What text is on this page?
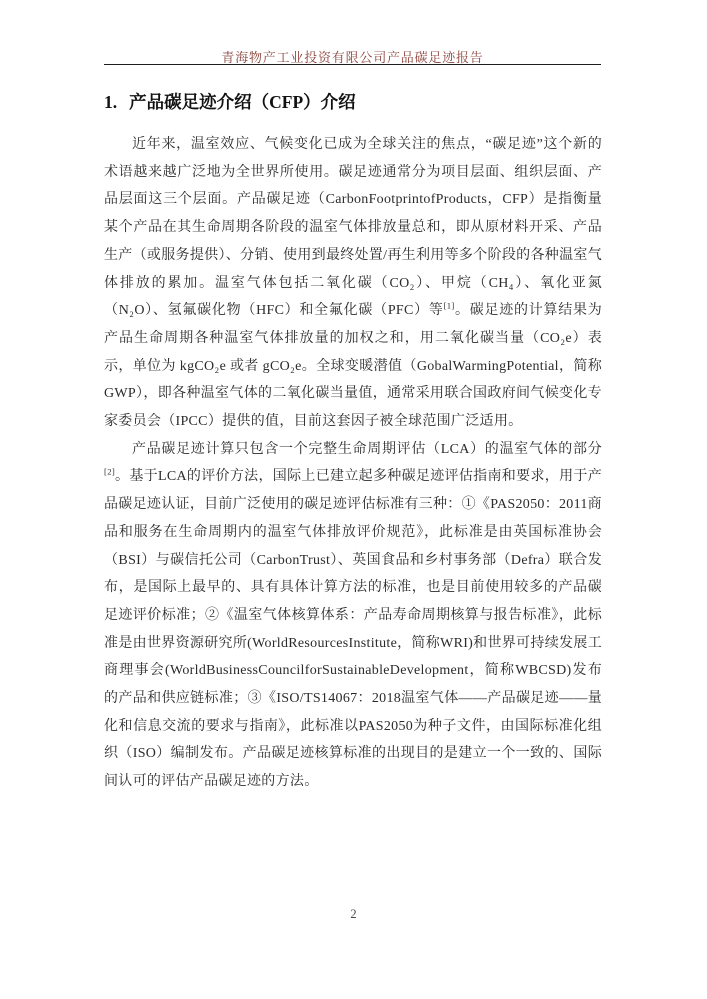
青海物产工业投资有限公司产品碳足迹报告
1. 产品碳足迹介绍（CFP）介绍

近年来，温室效应、气候变化已成为全球关注的焦点，“碳足迹”这个新的术语越来越广泛地为全世界所使用。碳足迹通常分为项目层面、组织层面、产品层面这三个层面。产品碳足迹（CarbonFootprintofProducts，CFP）是指衡量某个产品在其生命周期各阶段的温室气体排放量总和，即从原材料开采、产品生产（或服务提供）、分销、使用到最终处置/再生利用等多个阶段的各种温室气体排放的累加。温室气体包括二氧化碳（CO₂）、甲烷（CH₄）、氧化亚氮（N₂O）、氢氟碳化物（HFC）和全氟化碳（PFC）等[1]。碳足迹的计算结果为产品生命周期各种温室气体排放量的加权之和，用二氧化碳当量（CO₂e）表示，单位为 kgCO₂e 或者 gCO₂e。全球变暖潜值（GobalWarmingPotential，简称 GWP），即各种温室气体的二氧化碳当量值，通常采用联合国政府间气候变化专家委员会（IPCC）提供的值，目前这套因子被全球范围广泛适用。

产品碳足迹计算只包含一个完整生命周期评估（LCA）的温室气体的部分[2]。基于LCA的评价方法，国际上已建立起多种碳足迹评估指南和要求，用于产品碳足迹认证，目前广泛使用的碳足迹评估标准有三种：①《PAS2050：2011商品和服务在生命周期内的温室气体排放评价规范》，此标准是由英国标准协会（BSI）与碳信托公司（CarbonTrust）、英国食品和乡村事务部（Defra）联合发布，是国际上最早的、具有具体计算方法的标准，也是目前使用较多的产品碳足迹评价标准；②《温室气体核算体系：产品寿命周期核算与报告标准》，此标准是由世界资源研究所(WorldResourcesInstitute，简称WRI)和世界可持续发展工商理事会(WorldBusinessCouncilforSustainableDevelopment，简称WBCSD)发布的产品和供应链标准；③《ISO/TS14067：2018温室气体——产品碳足迹——量化和信息交流的要求与指南》，此标准以PAS2050为种子文件，由国际标准化组织（ISO）编制发布。产品碳足迹核算标准的出现目的是建立一个一致的、国际间认可的评估产品碳足迹的方法。

2
